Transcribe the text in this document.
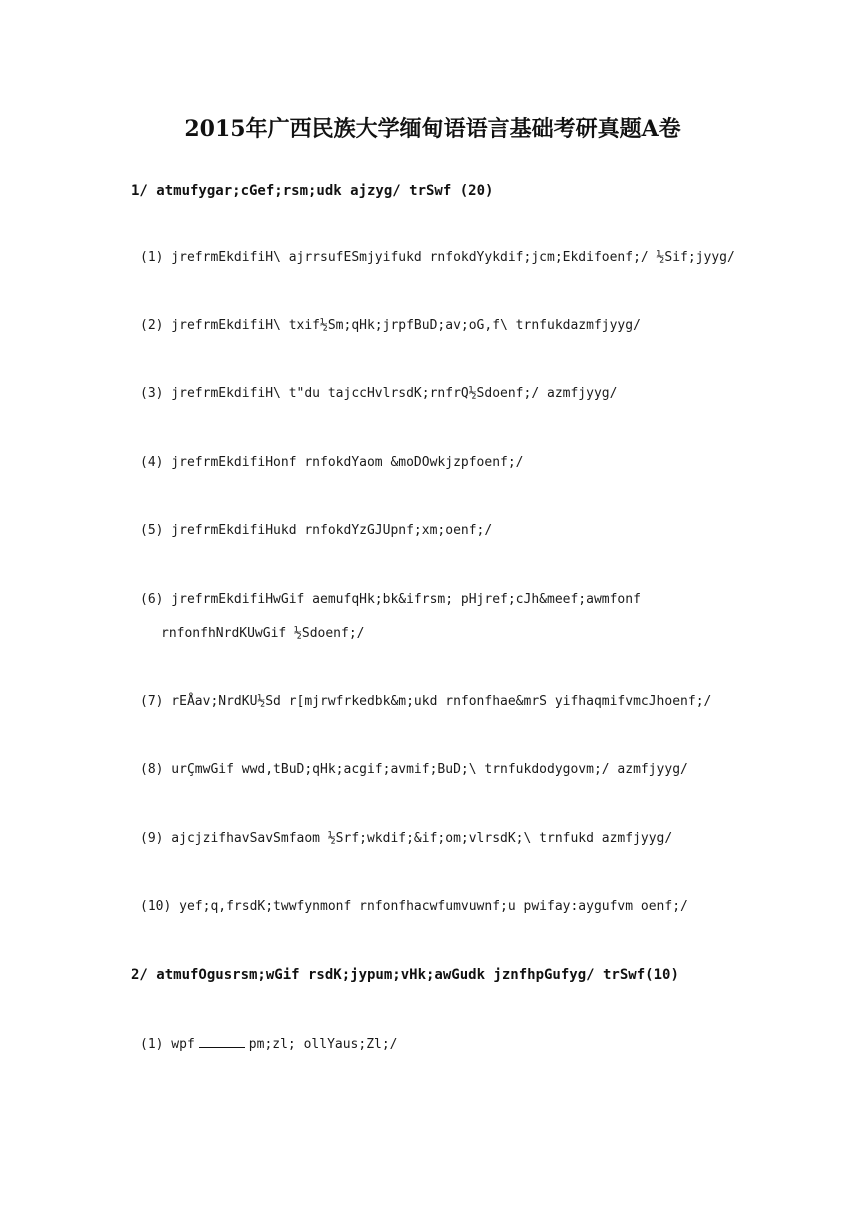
2015年广西民族大学缅甸语语言基础考研真题A卷
1/ atmufygar;cGef;rsm;udk ajzyg/ trSwf (20)
(1) jrefrmEkdifiH\ ajrrsufESmjyifukd rnfokdYykdif;jcm;Ekdifoenf;/ ½Sif;jyyg/
(2) jrefrmEkdifiH\ txif½Sm;qHk;jrpfBuD;av;oG,f\ trnfukdazmfjyyg/
(3) jrefrmEkdifiH\ t"du tajccHvlrsdK;rnfrQ½Sdoenf;/ azmfjyyg/
(4) jrefrmEkdifiHonf rnfokdYaom &moDOwkjzpfoenf;/
(5) jrefrmEkdifiHukd rnfokdYzGJUpnf;xm;oenf;/
(6) jrefrmEkdifiHwGif aemufqHk;bk&ifrsm; pHjref;cJh&meef;awmfonf
rnfonfhNrdKUwGif ½Sdoenf;/
(7) rEÅav;NrdKU½Sd r[mjrwfrkedbk&m;ukd rnfonfhae&mrS yifhaqmifvmcJhoenf;/
(8) urÇmwGif wwd,tBuD;qHk;acgif;avmif;BuD;\ trnfukdodygovm;/ azmfjyyg/
(9) ajcjzifhavSavSmfaom ½Srf;wkdif;&if;om;vlrsdK;\ trnfukd azmfjyyg/
(10) yef;q,frsdK;twwfynmonf rnfonfhacwfumvuwnf;u pwifay:aygufvm oenf;/
2/ atmufOgusrsm;wGif rsdK;jypum;vHk;awGudk jznfhpGufyg/ trSwf(10)
(1) wpf	pm;zl; ollYaus;Zl;/
